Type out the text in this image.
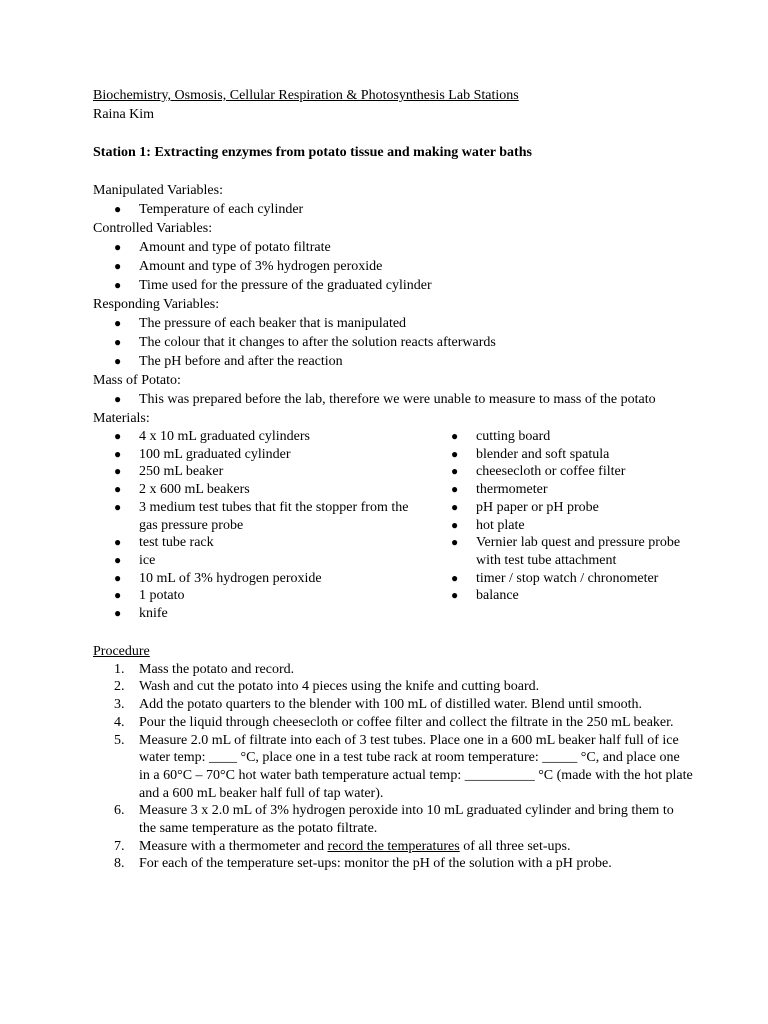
Biochemistry, Osmosis, Cellular Respiration & Photosynthesis Lab Stations
Raina Kim
Station 1: Extracting enzymes from potato tissue and making water baths
Manipulated Variables:
● Temperature of each cylinder
Controlled Variables:
● Amount and type of potato filtrate
● Amount and type of 3% hydrogen peroxide
● Time used for the pressure of the graduated cylinder
Responding Variables:
● The pressure of each beaker that is manipulated
● The colour that it changes to after the solution reacts afterwards
● The pH before and after the reaction
Mass of Potato:
● This was prepared before the lab, therefore we were unable to measure to mass of the potato
Materials:
● 4 x 10 mL graduated cylinders
● 100 mL graduated cylinder
● 250 mL beaker
● 2 x 600 mL beakers
● 3 medium test tubes that fit the stopper from the gas pressure probe
● test tube rack
● ice
● 10 mL of 3% hydrogen peroxide
● 1 potato
● knife
● cutting board
● blender and soft spatula
● cheesecloth or coffee filter
● thermometer
● pH paper or pH probe
● hot plate
● Vernier lab quest and pressure probe with test tube attachment
● timer / stop watch / chronometer
● balance
Procedure
1. Mass the potato and record.
2. Wash and cut the potato into 4 pieces using the knife and cutting board.
3. Add the potato quarters to the blender with 100 mL of distilled water. Blend until smooth.
4. Pour the liquid through cheesecloth or coffee filter and collect the filtrate in the 250 mL beaker.
5. Measure 2.0 mL of filtrate into each of 3 test tubes. Place one in a 600 mL beaker half full of ice water temp: ____ °C, place one in a test tube rack at room temperature: _____ °C, and place one in a 60°C – 70°C hot water bath temperature actual temp: __________ °C (made with the hot plate and a 600 mL beaker half full of tap water).
6. Measure 3 x 2.0 mL of 3% hydrogen peroxide into 10 mL graduated cylinder and bring them to the same temperature as the potato filtrate.
7. Measure with a thermometer and record the temperatures of all three set-ups.
8. For each of the temperature set-ups: monitor the pH of the solution with a pH probe.
